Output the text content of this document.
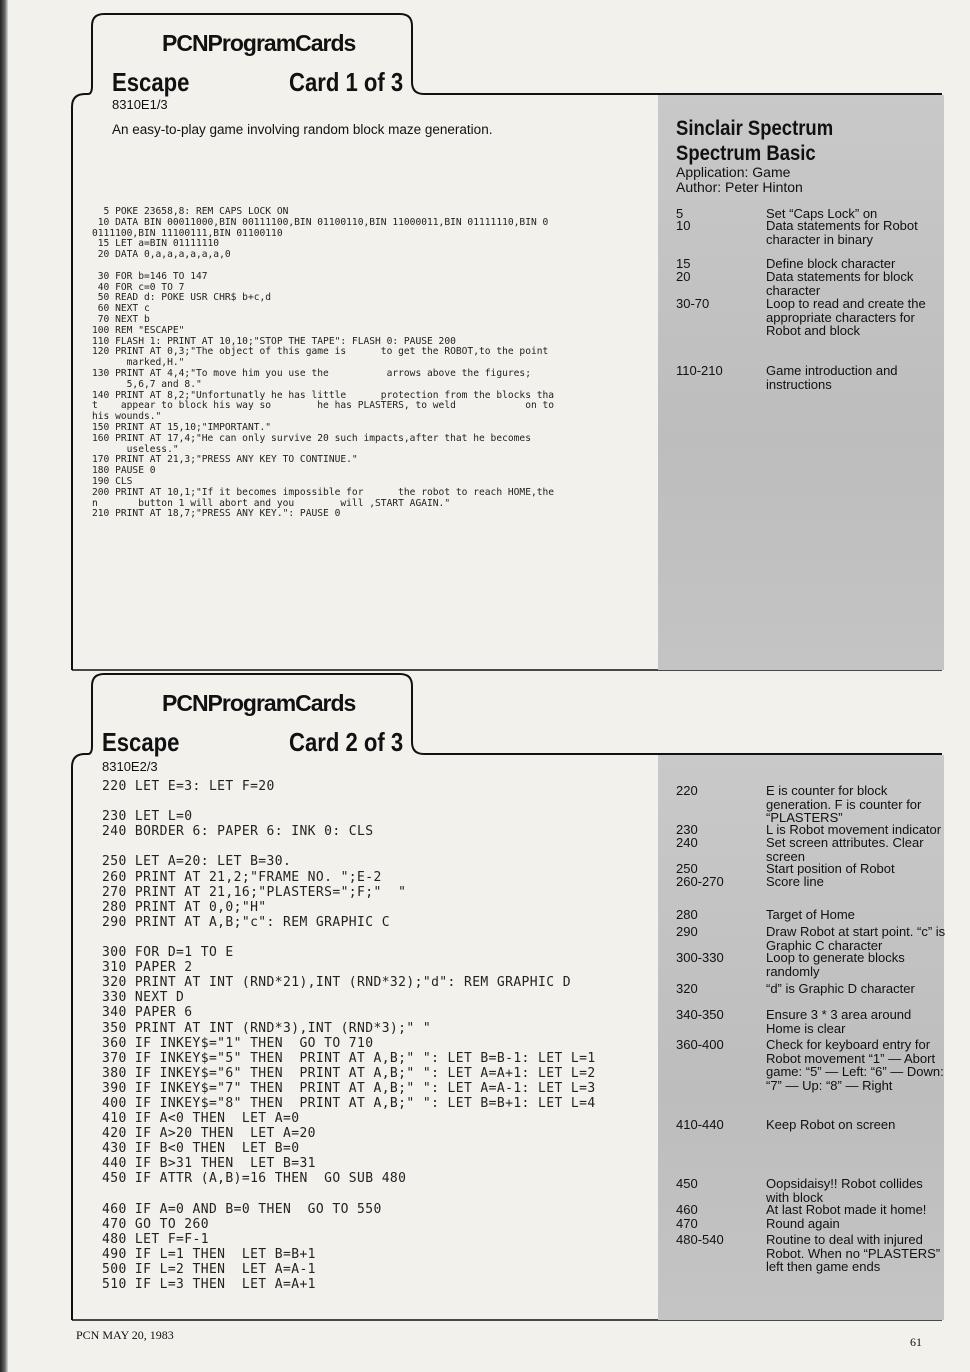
PCNProgramCards
Escape	Card 1 of 3
8310E1/3
An easy-to-play game involving random block maze generation.	Sinclair Spectrum
Spectrum Basic
Application: Game
Author: Peter Hinton
5 POKE 23658,8: REM CAPS LOCK ON
10 DATA BIN 00011000,BIN 00111100,BIN 01100110,BIN 11000011,BIN 01111110,BIN 0
0111100,BIN 11100111,BIN 01100110
15 LET a=BIN 01111110
20 DATA 0,a,a,a,a,a,a,0

30 FOR b=146 TO 147
40 FOR c=0 TO 7
50 READ d: POKE USR CHR$ b+c,d
60 NEXT c
70 NEXT b
100 REM "ESCAPE"
110 FLASH 1: PRINT AT 10,10;"STOP THE TAPE": FLASH 0: PAUSE 200
120 PRINT AT 0,3;"The object of this game is      to get the ROBOT,to the point
marked,H."
130 PRINT AT 4,4;"To move him you use the          arrows above the figures;
5,6,7 and 8."
140 PRINT AT 8,2;"Unfortunatly he has little      protection from the blocks tha
t    appear to block his way so        he has PLASTERS, to weld            on to
his wounds."
150 PRINT AT 15,10;"IMPORTANT."
160 PRINT AT 17,4;"He can only survive 20 such impacts,after that he becomes
useless."
170 PRINT AT 21,3;"PRESS ANY KEY TO CONTINUE."
180 PAUSE 0
190 CLS
200 PRINT AT 10,1;"If it becomes impossible for      the robot to reach HOME,the
n       button 1 will abort and you        will ,START AGAIN."
210 PRINT AT 18,7;"PRESS ANY KEY.": PAUSE 0
5	Set “Caps Lock” on
10	Data statements for Robot character in binary
15	Define block character
20	Data statements for block character
30-70	Loop to read and create the appropriate characters for Robot and block
110-210	Game introduction and instructions
PCNProgramCards
Escape	Card 2 of 3
8310E2/3
220 LET E=3: LET F=20

230 LET L=0
240 BORDER 6: PAPER 6: INK 0: CLS

250 LET A=20: LET B=30.
260 PRINT AT 21,2;"FRAME NO. ";E-2
270 PRINT AT 21,16;"PLASTERS=";F;"  "
280 PRINT AT 0,0;"H"
290 PRINT AT A,B;"c": REM GRAPHIC C

300 FOR D=1 TO E
310 PAPER 2
320 PRINT AT INT (RND*21),INT (RND*32);"d": REM GRAPHIC D
330 NEXT D
340 PAPER 6
350 PRINT AT INT (RND*3),INT (RND*3);" "
360 IF INKEY$="1" THEN  GO TO 710
370 IF INKEY$="5" THEN  PRINT AT A,B;" ": LET B=B-1: LET L=1
380 IF INKEY$="6" THEN  PRINT AT A,B;" ": LET A=A+1: LET L=2
390 IF INKEY$="7" THEN  PRINT AT A,B;" ": LET A=A-1: LET L=3
400 IF INKEY$="8" THEN  PRINT AT A,B;" ": LET B=B+1: LET L=4
410 IF A<0 THEN  LET A=0
420 IF A>20 THEN  LET A=20
430 IF B<0 THEN  LET B=0
440 IF B>31 THEN  LET B=31
450 IF ATTR (A,B)=16 THEN  GO SUB 480

460 IF A=0 AND B=0 THEN  GO TO 550
470 GO TO 260
480 LET F=F-1
490 IF L=1 THEN  LET B=B+1
500 IF L=2 THEN  LET A=A-1
510 IF L=3 THEN  LET A=A+1
220	E is counter for block generation. F is counter for “PLASTERS”
230	L is Robot movement indicator
240	Set screen attributes. Clear screen
250	Start position of Robot
260-270	Score line
280	Target of Home
290	Draw Robot at start point. “c” is Graphic C character
300-330	Loop to generate blocks randomly
320	“d” is Graphic D character
340-350	Ensure 3 * 3 area around Home is clear
360-400	Check for keyboard entry for Robot movement “1” — Abort game: “5” — Left: “6” — Down: “7” — Up: “8” — Right
410-440	Keep Robot on screen
450	Oopsidaisy!! Robot collides with block
460	At last Robot made it home!
470	Round again
480-540	Routine to deal with injured Robot. When no “PLASTERS” left then game ends
PCN MAY 20, 1983	61
